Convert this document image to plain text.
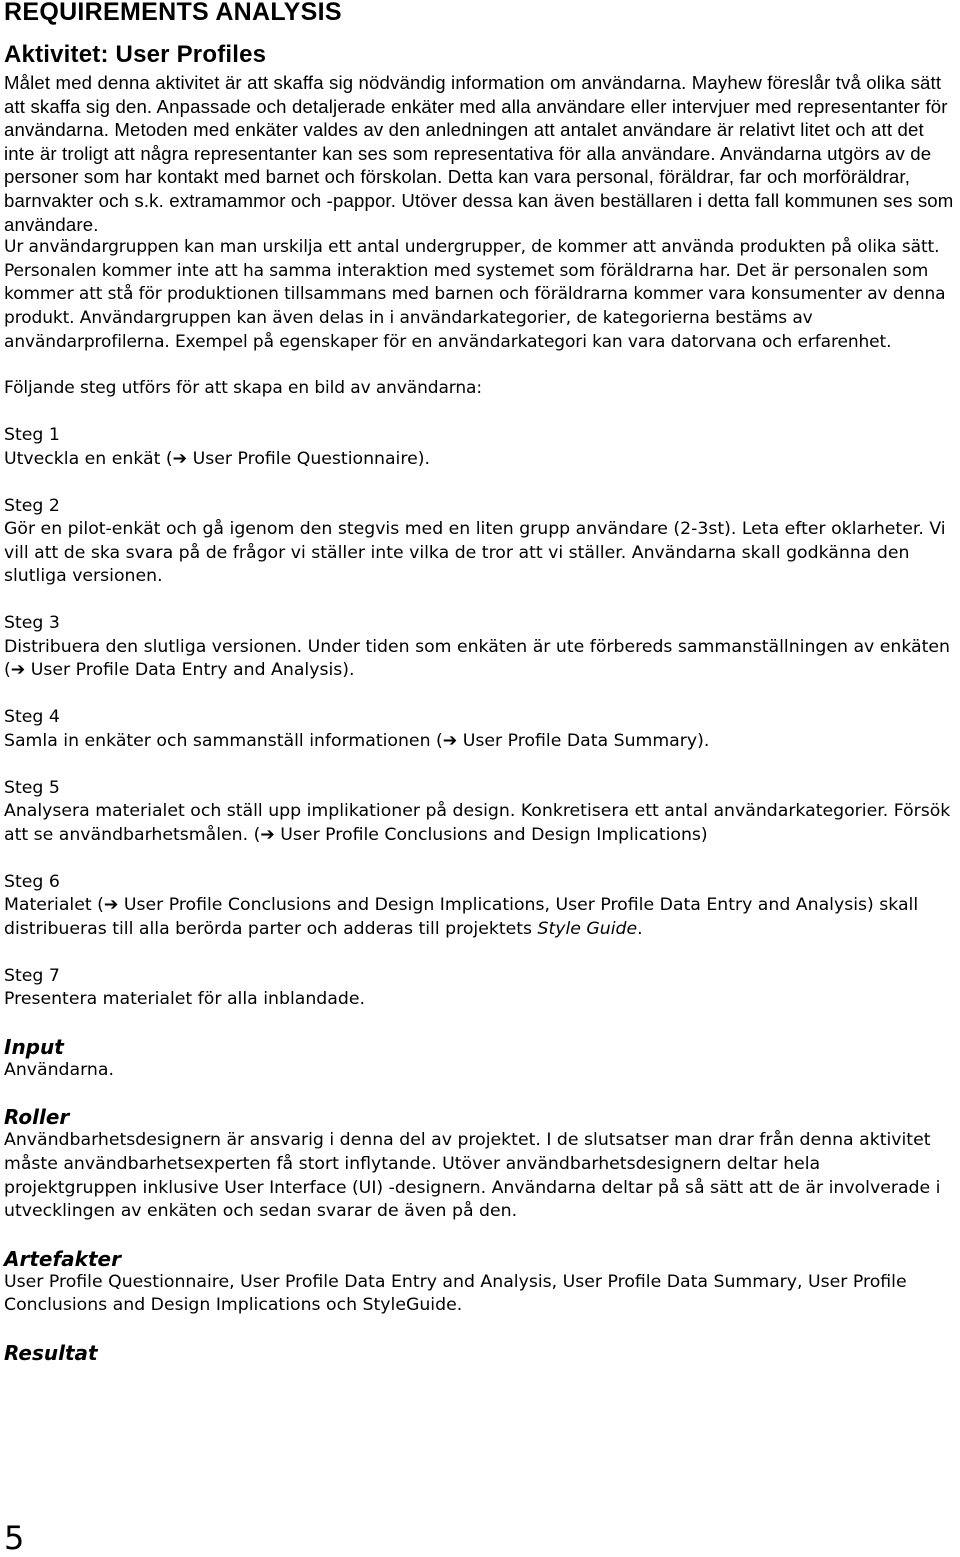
REQUIREMENTS ANALYSIS
Aktivitet: User Profiles

Målet med denna aktivitet är att skaffa sig nödvändig information om användarna. Mayhew föreslår två olika sätt att skaffa sig den. Anpassade och detaljerade enkäter med alla användare eller intervjuer med representanter för användarna. Metoden med enkäter valdes av den anledningen att antalet användare är relativt litet och att det inte är troligt att några representanter kan ses som representativa för alla användare. Användarna utgörs av de personer som har kontakt med barnet och förskolan. Detta kan vara personal, föräldrar, far och morföräldrar, barnvakter och s.k. extramammor och -pappor. Utöver dessa kan även beställaren i detta fall kommunen ses som användare.

Ur användargruppen kan man urskilja ett antal undergrupper, de kommer att använda produkten på olika sätt. Personalen kommer inte att ha samma interaktion med systemet som föräldrarna har. Det är personalen som kommer att stå för produktionen tillsammans med barnen och föräldrarna kommer vara konsumenter av denna produkt. Användargruppen kan även delas in i användarkategorier, de kategorierna bestäms av användarprofilerna. Exempel på egenskaper för en användarkategori kan vara datorvana och erfarenhet.

Följande steg utförs för att skapa en bild av användarna:

Steg 1

Utveckla en enkät (➔ User Profile Questionnaire).

Steg 2

Gör en pilot-enkät och gå igenom den stegvis med en liten grupp användare (2-3st). Leta efter oklarheter. Vi vill att de ska svara på de frågor vi ställer inte vilka de tror att vi ställer. Användarna skall godkänna den slutliga versionen.

Steg 3

Distribuera den slutliga versionen. Under tiden som enkäten är ute förbereds sammanställningen av enkäten (➔ User Profile Data Entry and Analysis).

Steg 4

Samla in enkäter och sammanställ informationen (➔ User Profile Data Summary).

Steg 5

Analysera materialet och ställ upp implikationer på design. Konkretisera ett antal användarkategorier. Försök att se användbarhetsmålen. (➔ User Profile Conclusions and Design Implications)

Steg 6

Materialet (➔ User Profile Conclusions and Design Implications, User Profile Data Entry and Analysis) skall distribueras till alla berörda parter och adderas till projektets Style Guide.

Steg 7

Presentera materialet för alla inblandade.

Input

Användarna.

Roller

Användbarhetsdesignern är ansvarig i denna del av projektet. I de slutsatser man drar från denna aktivitet måste användbarhetsexperten få stort inflytande. Utöver användbarhetsdesignern deltar hela projektgruppen inklusive User Interface (UI) -designern. Användarna deltar på så sätt att de är involverade i utvecklingen av enkäten och sedan svarar de även på den.

Artefakter

User Profile Questionnaire, User Profile Data Entry and Analysis, User Profile Data Summary, User Profile Conclusions and Design Implications och StyleGuide.

Resultat
5
